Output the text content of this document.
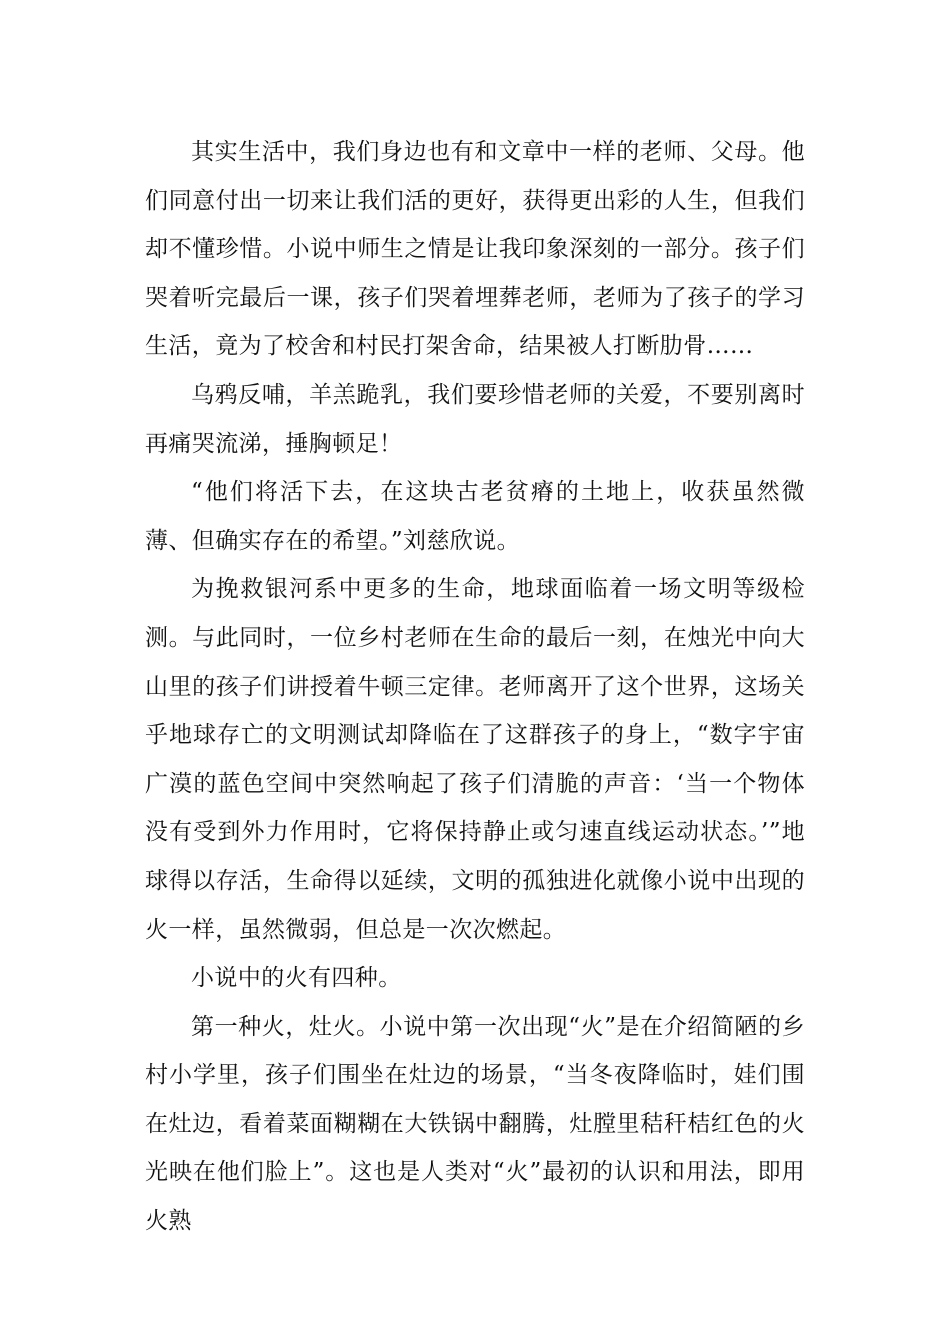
其实生活中，我们身边也有和文章中一样的老师、父母。他们同意付出一切来让我们活的更好，获得更出彩的人生，但我们却不懂珍惜。小说中师生之情是让我印象深刻的一部分。孩子们哭着听完最后一课，孩子们哭着埋葬老师，老师为了孩子的学习生活，竟为了校舍和村民打架舍命，结果被人打断肋骨……

乌鸦反哺，羊羔跪乳，我们要珍惜老师的关爱，不要别离时再痛哭流涕，捶胸顿足！

“他们将活下去，在这块古老贫瘠的土地上，收获虽然微薄、但确实存在的希望。”刘慈欣说。

为挽救银河系中更多的生命，地球面临着一场文明等级检测。与此同时，一位乡村老师在生命的最后一刻，在烛光中向大山里的孩子们讲授着牛顿三定律。老师离开了这个世界，这场关乎地球存亡的文明测试却降临在了这群孩子的身上，“数字宇宙广漠的蓝色空间中突然响起了孩子们清脆的声音：‘当一个物体没有受到外力作用时，它将保持静止或匀速直线运动状态。’”地球得以存活，生命得以延续，文明的孤独进化就像小说中出现的火一样，虽然微弱，但总是一次次燃起。

小说中的火有四种。

第一种火，灶火。小说中第一次出现“火”是在介绍简陋的乡村小学里，孩子们围坐在灶边的场景，“当冬夜降临时，娃们围在灶边，看着菜面糊糊在大铁锅中翻腾，灶膛里秸秆桔红色的火光映在他们脸上”。这也是人类对“火”最初的认识和用法，即用火熟
